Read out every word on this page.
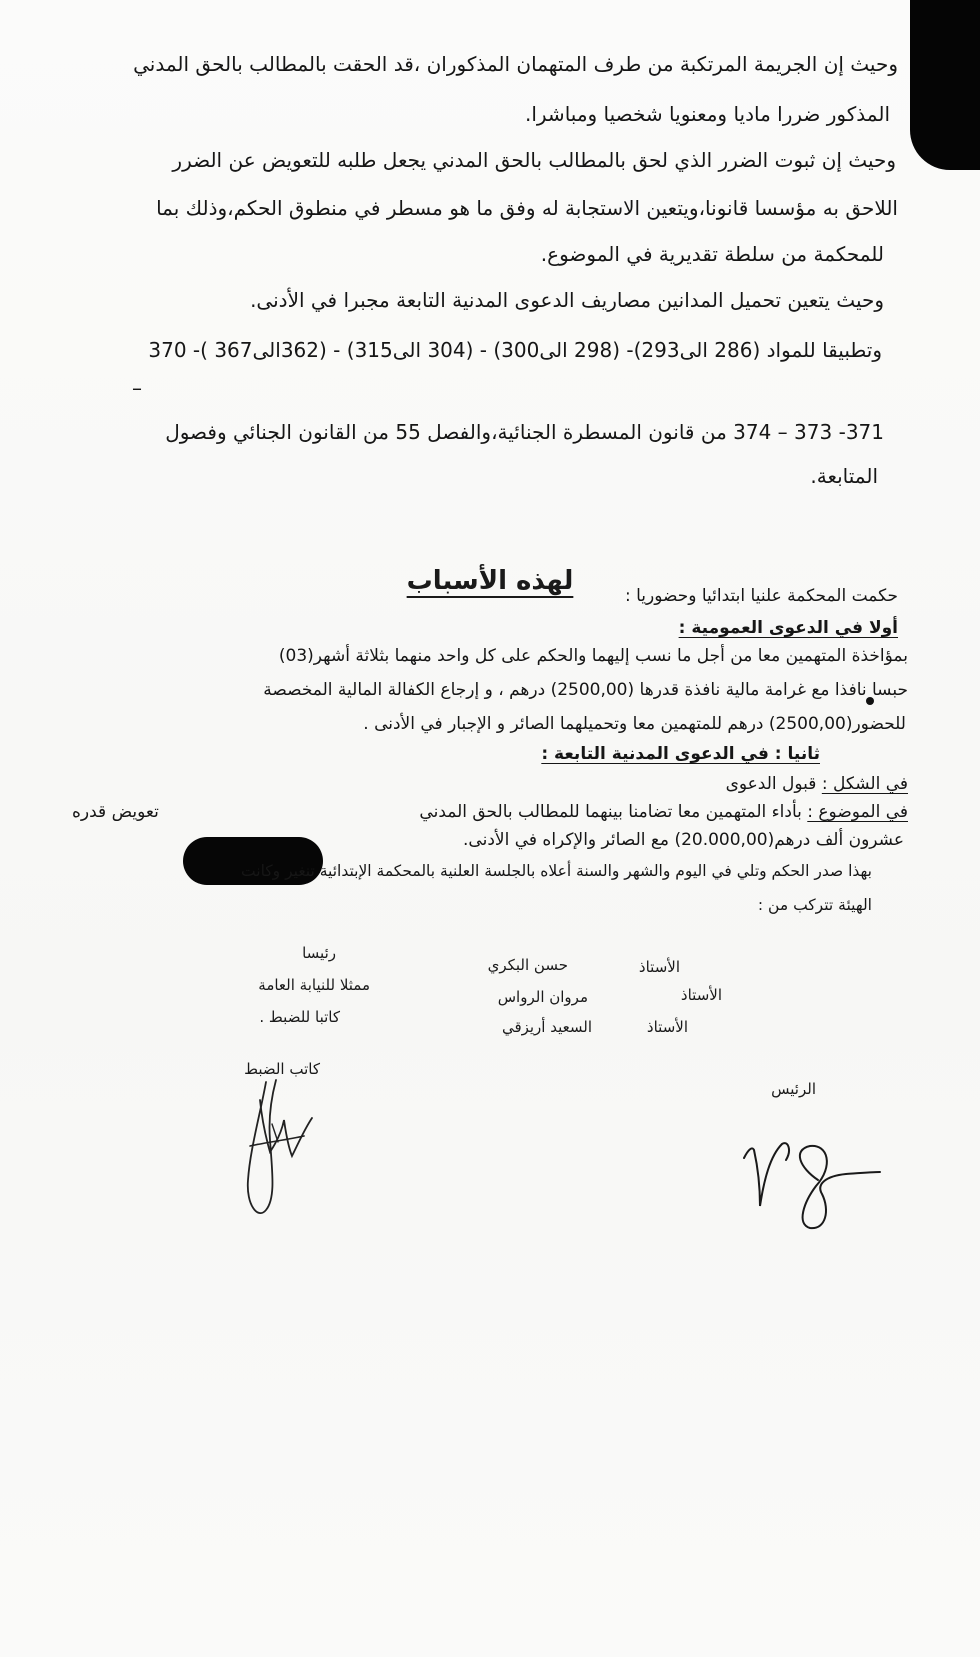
وحيث إن الجريمة المرتكبة من طرف المتهمان المذكوران ،قد الحقت بالمطالب بالحق المدني
المذكور ضررا ماديا ومعنويا شخصيا ومباشرا.
وحيث إن ثبوت الضرر الذي لحق بالمطالب بالحق المدني يجعل طلبه للتعويض عن الضرر
اللاحق به مؤسسا قانونا،ويتعين الاستجابة له وفق ما هو مسطر في منطوق الحكم،وذلك بما
للمحكمة من سلطة تقديرية في الموضوع.
وحيث يتعين تحميل المدانين مصاريف الدعوى المدنية التابعة مجبرا في الأدنى.
وتطبيقا للمواد (286 الى293)- (298 الى300) - (304 الى315) - (362الى367 )- 370
–
371- 373 – 374 من قانون المسطرة الجنائية،والفصل 55 من القانون الجنائي وفصول
المتابعة.
لهذه الأسباب	حكمت المحكمة علنيا ابتدائيا وحضوريا :
أولا في الدعوى العمومية :
بمؤاخذة المتهمين معا من أجل ما نسب إليهما والحكم على كل واحد منهما بثلاثة أشهر(03)
حبسا نافذا مع غرامة مالية نافذة قدرها (2500,00) درهم ، و إرجاع الكفالة المالية المخصصة
للحضور(2500,00) درهم للمتهمين معا وتحميلهما الصائر و الإجبار في الأدنى .
ثانيا : في الدعوى المدنية التابعة :
في الشكل : قبول الدعوى
في الموضوع : بأداء المتهمين معا تضامنا بينهما للمطالب بالحق المدني
تعويض قدره
عشرون ألف درهم(20.000,00) مع الصائر والإكراه في الأدنى.
بهذا صدر الحكم وتلي في اليوم والشهر والسنة أعلاه بالجلسة العلنية بالمحكمة الإبتدائية تنغير وكانت
الهيئة تتركب من :
الأستاذ
الأستاذ
الأستاذ
حسن البكري
مروان الرواس
السعيد أريزقي
رئيسا
ممثلا للنيابة العامة
كاتبا للضبط .
كاتب الضبط
الرئيس
